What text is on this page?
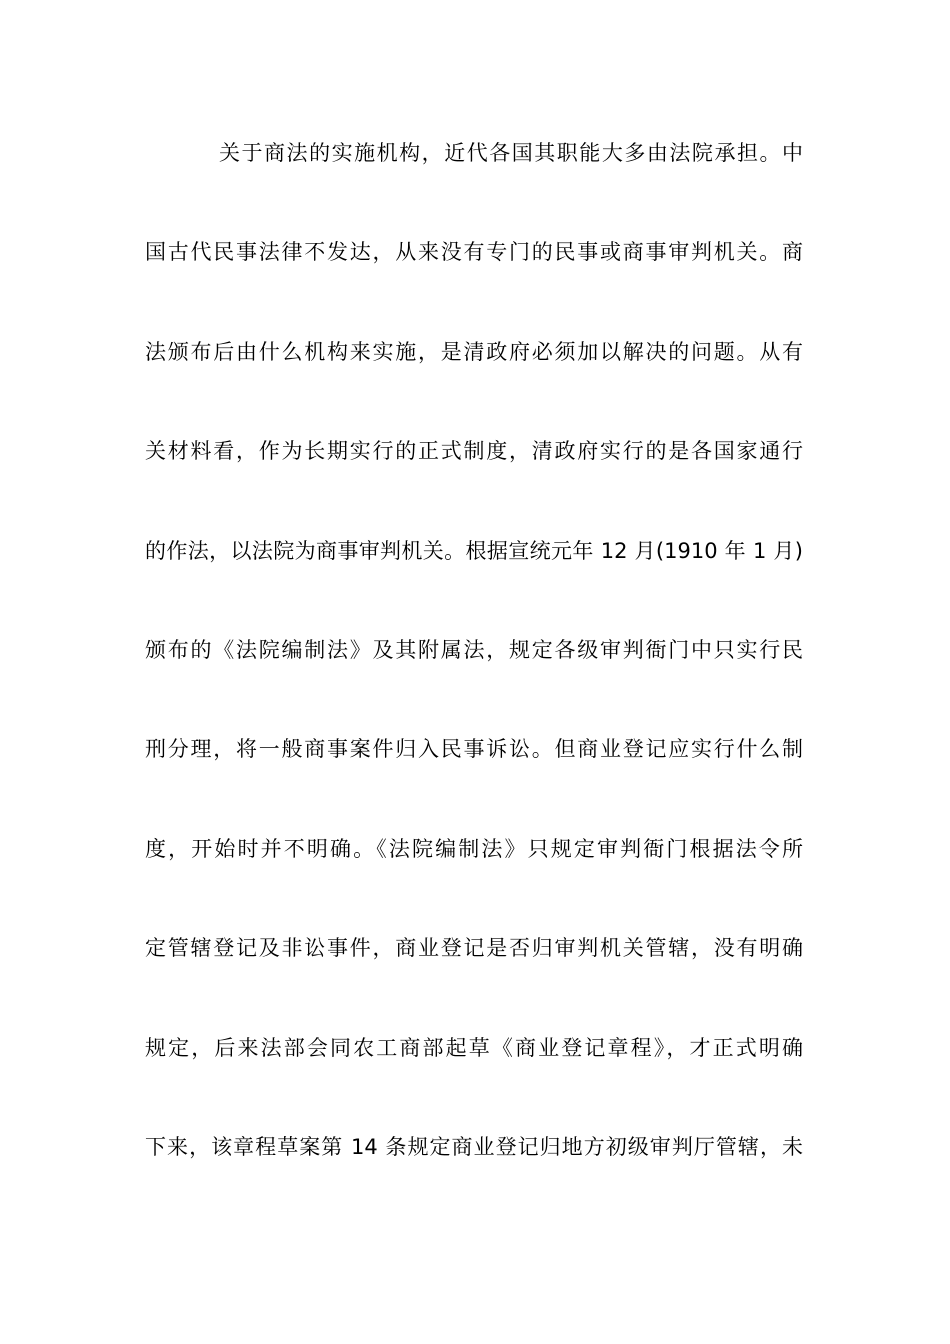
关于商法的实施机构，近代各国其职能大多由法院承担。中
国古代民事法律不发达，从来没有专门的民事或商事审判机关。商
法颁布后由什么机构来实施，是清政府必须加以解决的问题。从有
关材料看，作为长期实行的正式制度，清政府实行的是各国家通行
的作法，以法院为商事审判机关。根据宣统元年 12 月(1910 年 1 月)
颁布的《法院编制法》及其附属法，规定各级审判衙门中只实行民
刑分理，将一般商事案件归入民事诉讼。但商业登记应实行什么制
度，开始时并不明确。《法院编制法》只规定审判衙门根据法令所
定管辖登记及非讼事件，商业登记是否归审判机关管辖，没有明确
规定，后来法部会同农工商部起草《商业登记章程》，才正式明确
下来，该章程草案第 14 条规定商业登记归地方初级审判厅管辖，未
